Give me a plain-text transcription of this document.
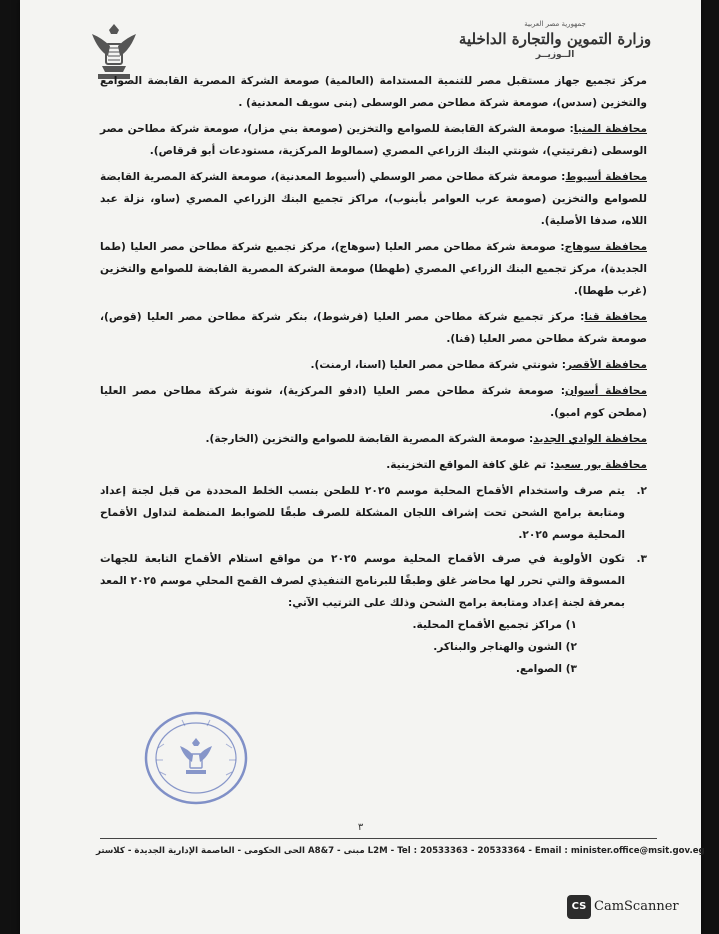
جمهورية مصر العربية
وزارة التموين والتجارة الداخلية
الــوزيــر
مركز تجميع جهاز مستقبل مصر للتنمية المستدامة (العالمية) صومعة الشركة المصرية القابضة الصوامع والتخزين (سدس)، صومعة شركة مطاحن مصر الوسطى (بنى سويف المعدنية) .
محافظة المنيا: صومعة الشركة القابضة للصوامع والتخزين (صومعة بني مزار)، صومعة شركة مطاحن مصر الوسطى (نفرتيتي)، شونتي البنك الزراعي المصري (سمالوط المركزية، مستودعات أبو قرقاص).
محافظة أسيوط: صومعة شركة مطاحن مصر الوسطي (أسيوط المعدنية)، صومعة الشركة المصرية القابضة للصوامع والتخزين (صومعة عرب العوامر بأبنوب)، مراكز تجميع البنك الزراعي المصري (ساو، نزلة عبد اللاه، صدفا الأصلية).
محافظة سوهاج: صومعة شركة مطاحن مصر العليا (سوهاج)، مركز تجميع شركة مطاحن مصر العليا (طما الجديدة)، مركز تجميع البنك الزراعي المصري (طهطا) صومعة الشركة المصرية القابضة للصوامع والتخزين (غرب طهطا).
محافظة قنا: مركز تجميع شركة مطاحن مصر العليا (فرشوط)، بنكر شركة مطاحن مصر العليا (قوص)، صومعة شركة مطاحن مصر العليا (قنا).
محافظة الأقصر: شونتي شركة مطاحن مصر العليا (اسنا، ارمنت).
محافظة أسوان: صومعة شركة مطاحن مصر العليا (ادفو المركزية)، شونة شركة مطاحن مصر العليا (مطحن كوم امبو).
محافظة الوادي الجديد: صومعة الشركة المصرية القابضة للصوامع والتخزين (الخارجة).
محافظة بور سعيد: تم غلق كافة المواقع التخزينية.
٢.
يتم صرف واستخدام الأقماح المحلية موسم ٢٠٢٥ للطحن بنسب الخلط المحددة من قبل لجنة إعداد ومتابعة برامج الشحن تحت إشراف اللجان المشكلة للصرف طبقًا للضوابط المنظمة لتداول الأقماح المحلية موسم ٢٠٢٥.
٣.
تكون الأولوية في صرف الأقماح المحلية موسم ٢٠٢٥ من مواقع استلام الأقماح التابعة للجهات المسوقة والتي تحرر لها محاضر غلق وطبقًا للبرنامج التنفيذي لصرف القمح المحلي موسم ٢٠٢٥ المعد بمعرفة لجنة إعداد ومتابعة برامج الشحن وذلك على الترتيب الآتي:
١) مراكز تجميع الأقماح المحلية.
٢) الشون والهناجر والبناكر.
٣) الصوامع.
٣
الحى الحكومى - العاصمة الإدارية الجديدة - كلاستر A8&7 - مبنى L2M - Tel : 20533363 - 20533364 - Email : minister.office@msit.gov.eg
CS CamScanner
